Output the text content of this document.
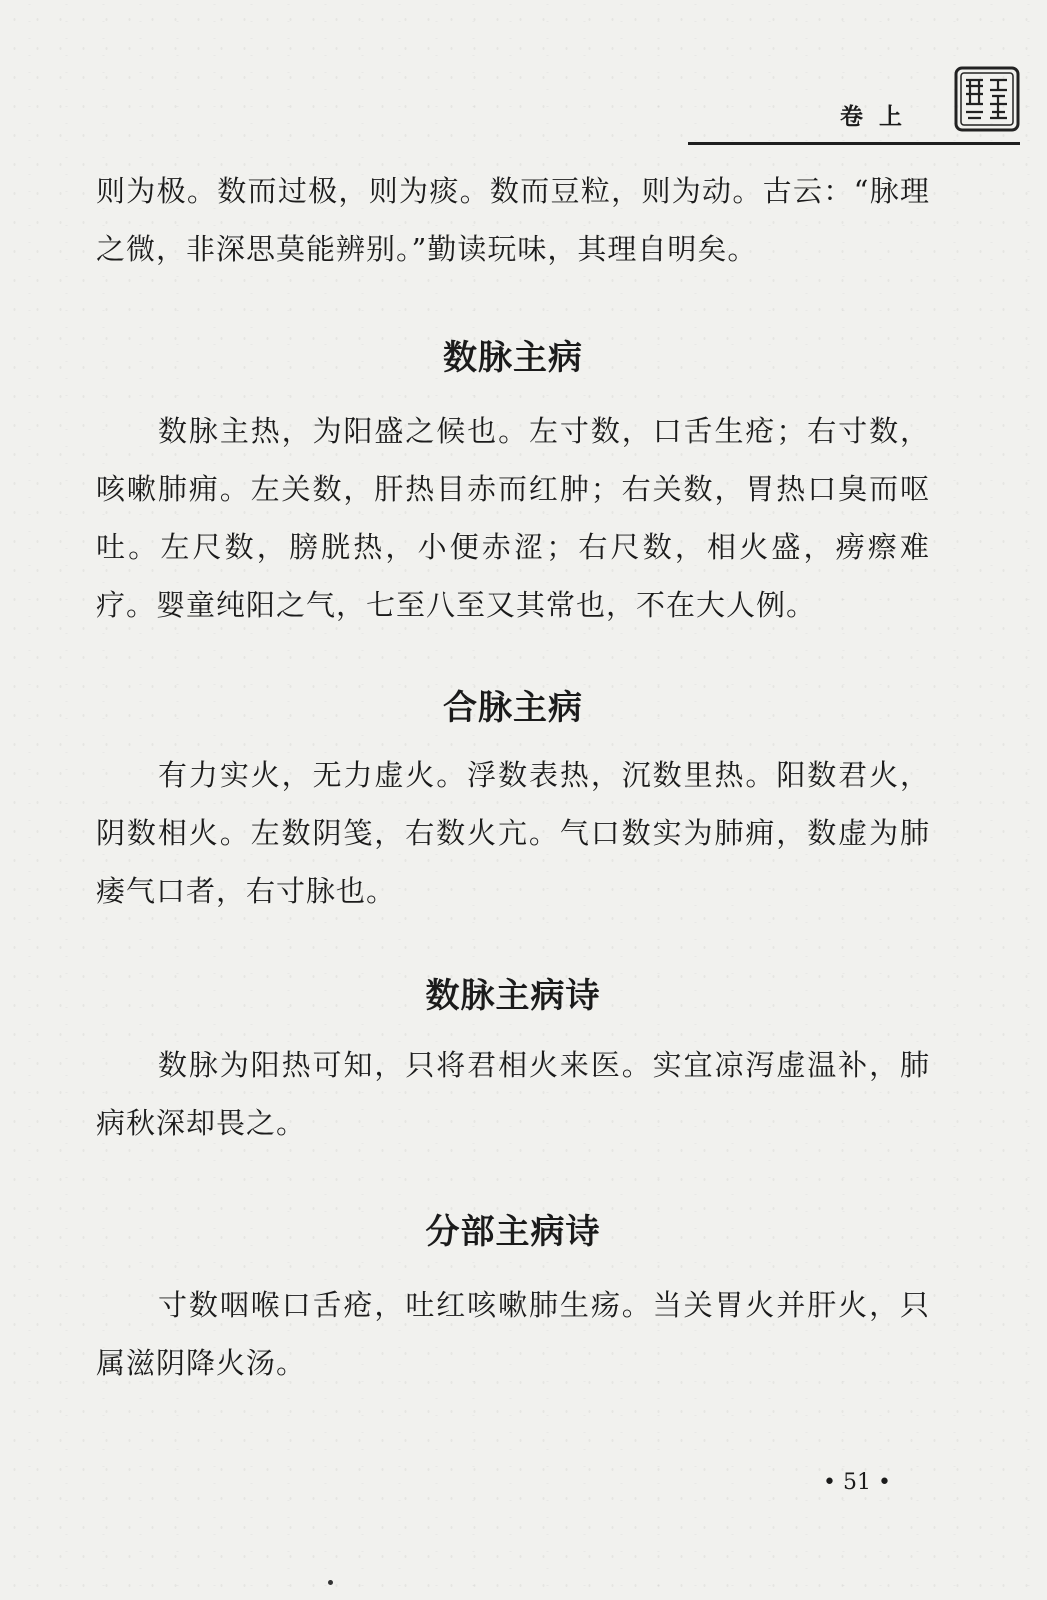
卷上

则为极。数而过极，则为痰。数而豆粒，则为动。古云：“脉理之微，非深思莫能辨别。”勤读玩味，其理自明矣。

数脉主病

数脉主热，为阳盛之候也。左寸数，口舌生疮；右寸数，咳嗽肺痈。左关数，肝热目赤而红肿；右关数，胃热口臭而呕吐。左尺数，膀胱热，小便赤涩；右尺数，相火盛，痨瘵难疗。婴童纯阳之气，七至八至又其常也，不在大人例。

合脉主病

有力实火，无力虚火。浮数表热，沉数里热。阳数君火，阴数相火。左数阴笺，右数火亢。气口数实为肺痈，数虚为肺痿气口者，右寸脉也。

数脉主病诗

数脉为阳热可知，只将君相火来医。实宜凉泻虚温补，肺病秋深却畏之。

分部主病诗

寸数咽喉口舌疮，吐红咳嗽肺生疡。当关胃火并肝火，只属滋阴降火汤。

• 51 •
